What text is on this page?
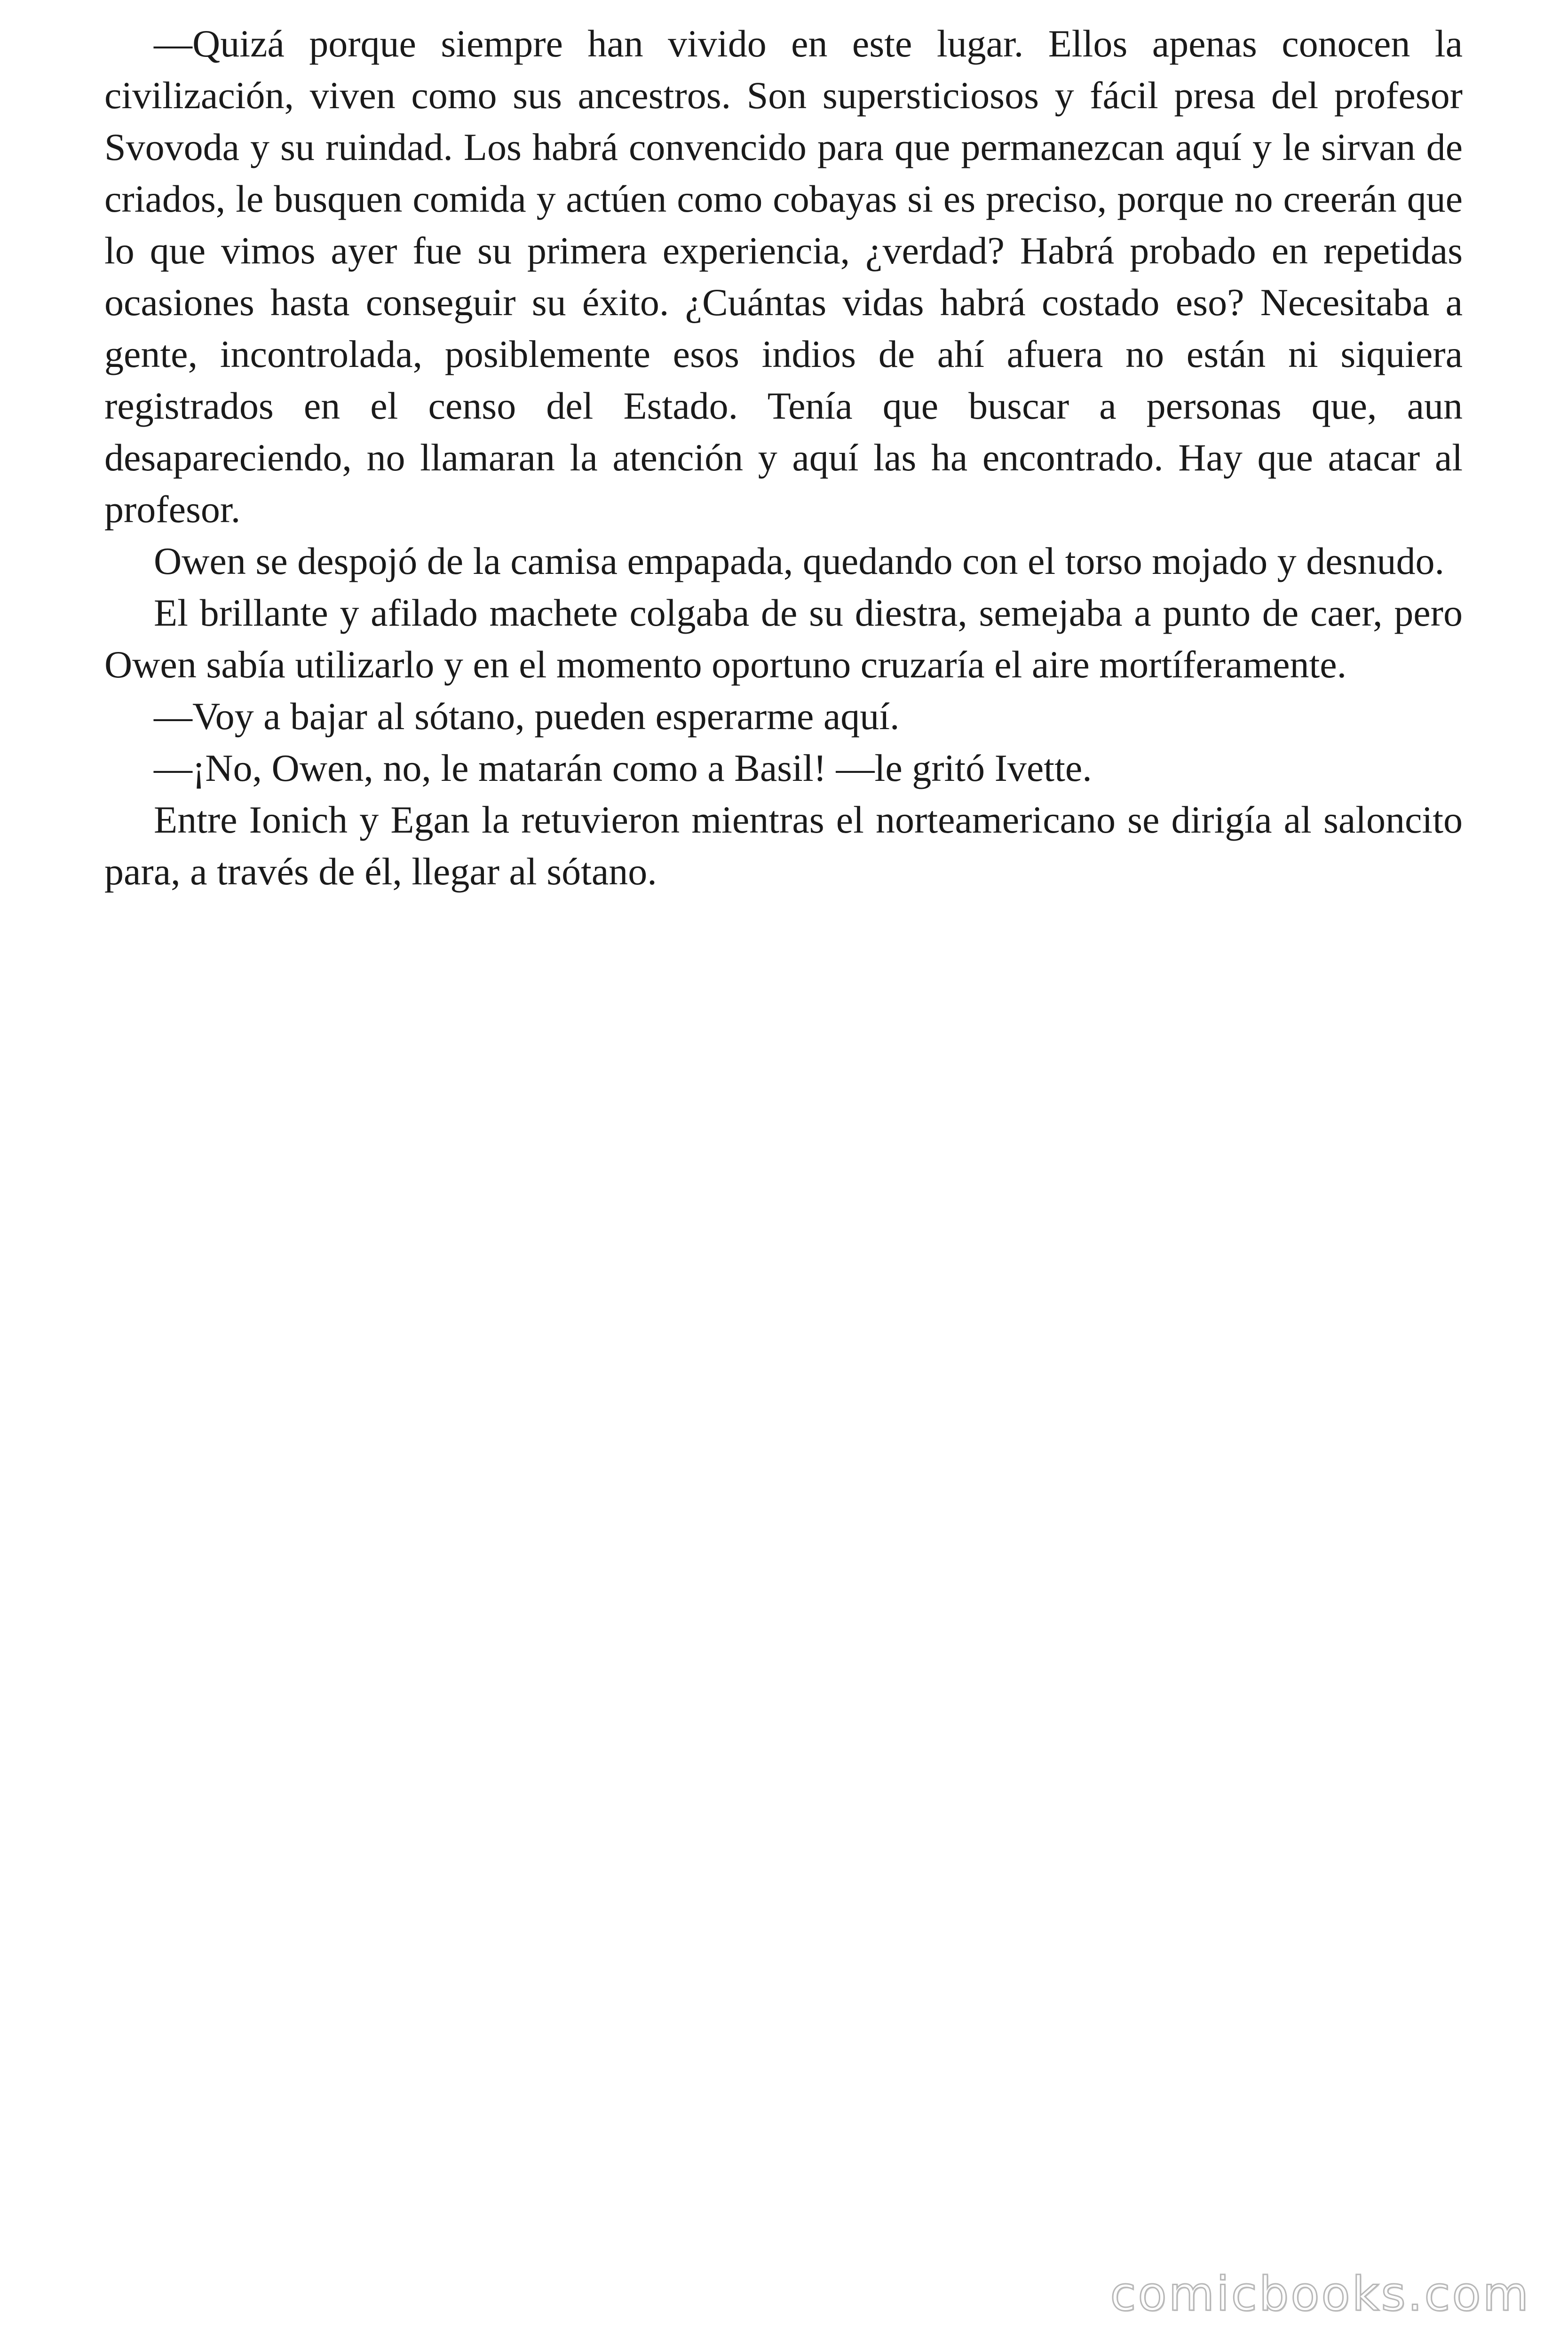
—Quizá porque siempre han vivido en este lugar. Ellos apenas conocen la civilización, viven como sus ancestros. Son supersticiosos y fácil presa del profesor Svovoda y su ruindad. Los habrá convencido para que permanezcan aquí y le sirvan de criados, le busquen comida y actúen como cobayas si es preciso, porque no creerán que lo que vimos ayer fue su primera experiencia, ¿verdad? Habrá probado en repetidas ocasiones hasta conseguir su éxito. ¿Cuántas vidas habrá costado eso? Necesitaba a gente, incontrolada, posiblemente esos indios de ahí afuera no están ni siquiera registrados en el censo del Estado. Tenía que buscar a personas que, aun desapareciendo, no llamaran la atención y aquí las ha encontrado. Hay que atacar al profesor.

Owen se despojó de la camisa empapada, quedando con el torso mojado y desnudo.

El brillante y afilado machete colgaba de su diestra, semejaba a punto de caer, pero Owen sabía utilizarlo y en el momento oportuno cruzaría el aire mortíferamente.

—Voy a bajar al sótano, pueden esperarme aquí.

—¡No, Owen, no, le matarán como a Basil! —le gritó Ivette.

Entre Ionich y Egan la retuvieron mientras el norteamericano se dirigía al saloncito para, a través de él, llegar al sótano.

comicbooks.com
